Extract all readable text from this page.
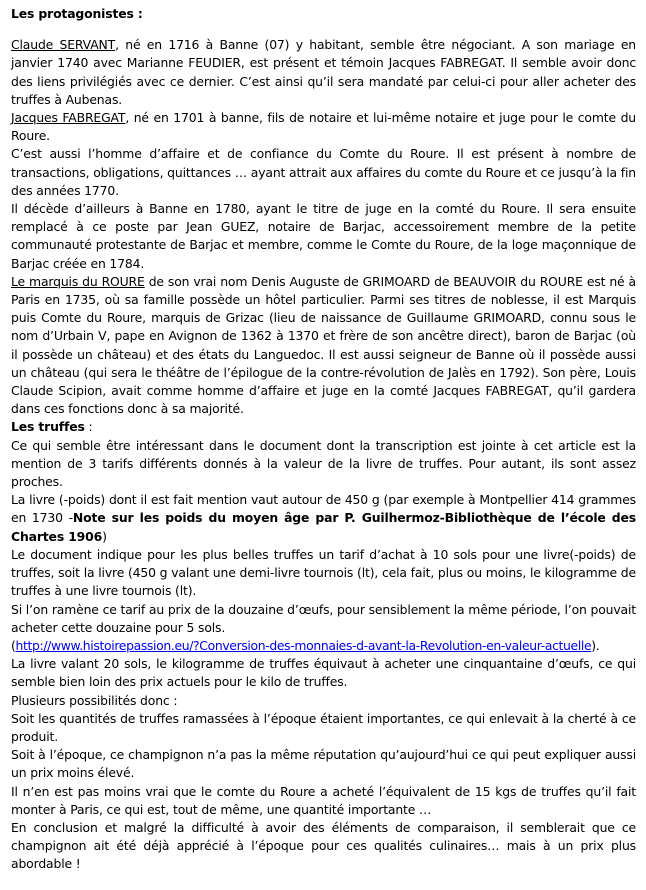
Les protagonistes :

Claude SERVANT, né en 1716 à Banne (07) y habitant, semble être négociant. A son mariage en janvier 1740 avec Marianne FEUDIER, est présent et témoin Jacques FABREGAT. Il semble avoir donc des liens privilégiés avec ce dernier. C’est ainsi qu’il sera mandaté par celui-ci pour aller acheter des truffes à Aubenas.

Jacques FABREGAT, né en 1701 à banne, fils de notaire et lui-même notaire et juge pour le comte du Roure.

C’est aussi l’homme d’affaire et de confiance du Comte du Roure. Il est présent à nombre de transactions, obligations, quittances … ayant attrait aux affaires du comte du Roure et ce jusqu’à la fin des années 1770.

Il décède d’ailleurs à Banne en 1780, ayant le titre de juge en la comté du Roure. Il sera ensuite remplacé à ce poste par Jean GUEZ, notaire de Barjac, accessoirement membre de la petite communauté protestante de Barjac et membre, comme le Comte du Roure, de la loge maçonnique de Barjac créée en 1784.

Le marquis du ROURE de son vrai nom Denis Auguste de GRIMOARD de BEAUVOIR du ROURE est né à Paris en 1735, où sa famille possède un hôtel particulier. Parmi ses titres de noblesse, il est Marquis puis Comte du Roure, marquis de Grizac (lieu de naissance de Guillaume GRIMOARD, connu sous le nom d’Urbain V, pape en Avignon de 1362 à 1370 et frère de son ancêtre direct), baron de Barjac (où il possède un château) et des états du Languedoc. Il est aussi seigneur de Banne où il possède aussi un château (qui sera le théâtre de l’épilogue de la contre-révolution de Jalès en 1792). Son père, Louis Claude Scipion, avait comme homme d’affaire et juge en la comté Jacques FABREGAT, qu’il gardera dans ces fonctions donc à sa majorité.

Les truffes :

Ce qui semble être intéressant dans le document dont la transcription est jointe à cet article est la mention de 3 tarifs différents donnés à la valeur de la livre de truffes. Pour autant, ils sont assez proches.

La livre (-poids) dont il est fait mention vaut autour de 450 g (par exemple à Montpellier 414 grammes en 1730 -Note sur les poids du moyen âge par P. Guilhermoz-Bibliothèque de l’école des Chartes 1906)

Le document indique pour les plus belles truffes un tarif d’achat à 10 sols pour une livre(-poids) de truffes, soit la livre (450 g valant une demi-livre tournois (lt), cela fait, plus ou moins, le kilogramme de truffes à une livre tournois (lt).

Si l’on ramène ce tarif au prix de la douzaine d’œufs, pour sensiblement la même période, l’on pouvait acheter cette douzaine pour 5 sols.

(http://www.histoirepassion.eu/?Conversion-des-monnaies-d-avant-la-Revolution-en-valeur-actuelle).

La livre valant 20 sols, le kilogramme de truffes équivaut à acheter une cinquantaine d’œufs, ce qui semble bien loin des prix actuels pour le kilo de truffes.

Plusieurs possibilités donc :

Soit les quantités de truffes ramassées à l’époque étaient importantes, ce qui enlevait à la cherté à ce produit.

Soit à l’époque, ce champignon n’a pas la même réputation qu’aujourd’hui ce qui peut expliquer aussi un prix moins élevé.

Il n’en est pas moins vrai que le comte du Roure a acheté l’équivalent de 15 kgs de truffes qu’il fait monter à Paris, ce qui est, tout de même, une quantité importante …

En conclusion et malgré la difficulté à avoir des éléments de comparaison, il semblerait que ce champignon ait été déjà apprécié à l’époque pour ces qualités culinaires… mais à un prix plus abordable !
